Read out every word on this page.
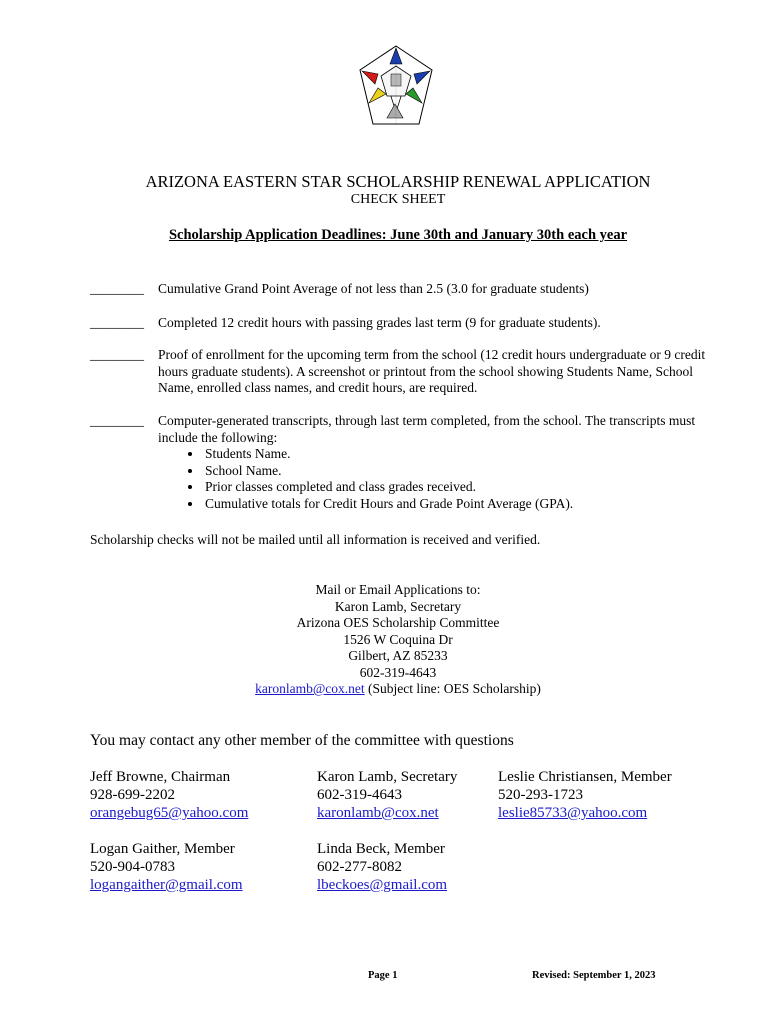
ARIZONA EASTERN STAR SCHOLARSHIP RENEWAL APPLICATION
CHECK SHEET
Scholarship Application Deadlines: June 30th and January 30th each year
________ Cumulative Grand Point Average of not less than 2.5 (3.0 for graduate students)
________ Completed 12 credit hours with passing grades last term (9 for graduate students).
________ Proof of enrollment for the upcoming term from the school (12 credit hours undergraduate or 9 credit hours graduate students). A screenshot or printout from the school showing Students Name, School Name, enrolled class names, and credit hours, are required.
________ Computer-generated transcripts, through last term completed, from the school. The transcripts must include the following:
• Students Name.
• School Name.
• Prior classes completed and class grades received.
• Cumulative totals for Credit Hours and Grade Point Average (GPA).
Scholarship checks will not be mailed until all information is received and verified.
Mail or Email Applications to:
Karon Lamb, Secretary
Arizona OES Scholarship Committee
1526 W Coquina Dr
Gilbert, AZ 85233
602-319-4643
karonlamb@cox.net (Subject line: OES Scholarship)
You may contact any other member of the committee with questions
Jeff Browne, Chairman
928-699-2202
orangebug65@yahoo.com
Karon Lamb, Secretary
602-319-4643
karonlamb@cox.net
Leslie Christiansen, Member
520-293-1723
leslie85733@yahoo.com
Logan Gaither, Member
520-904-0783
logangaither@gmail.com
Linda Beck, Member
602-277-8082
lbeckoes@gmail.com
Page 1	Revised: September 1, 2023
